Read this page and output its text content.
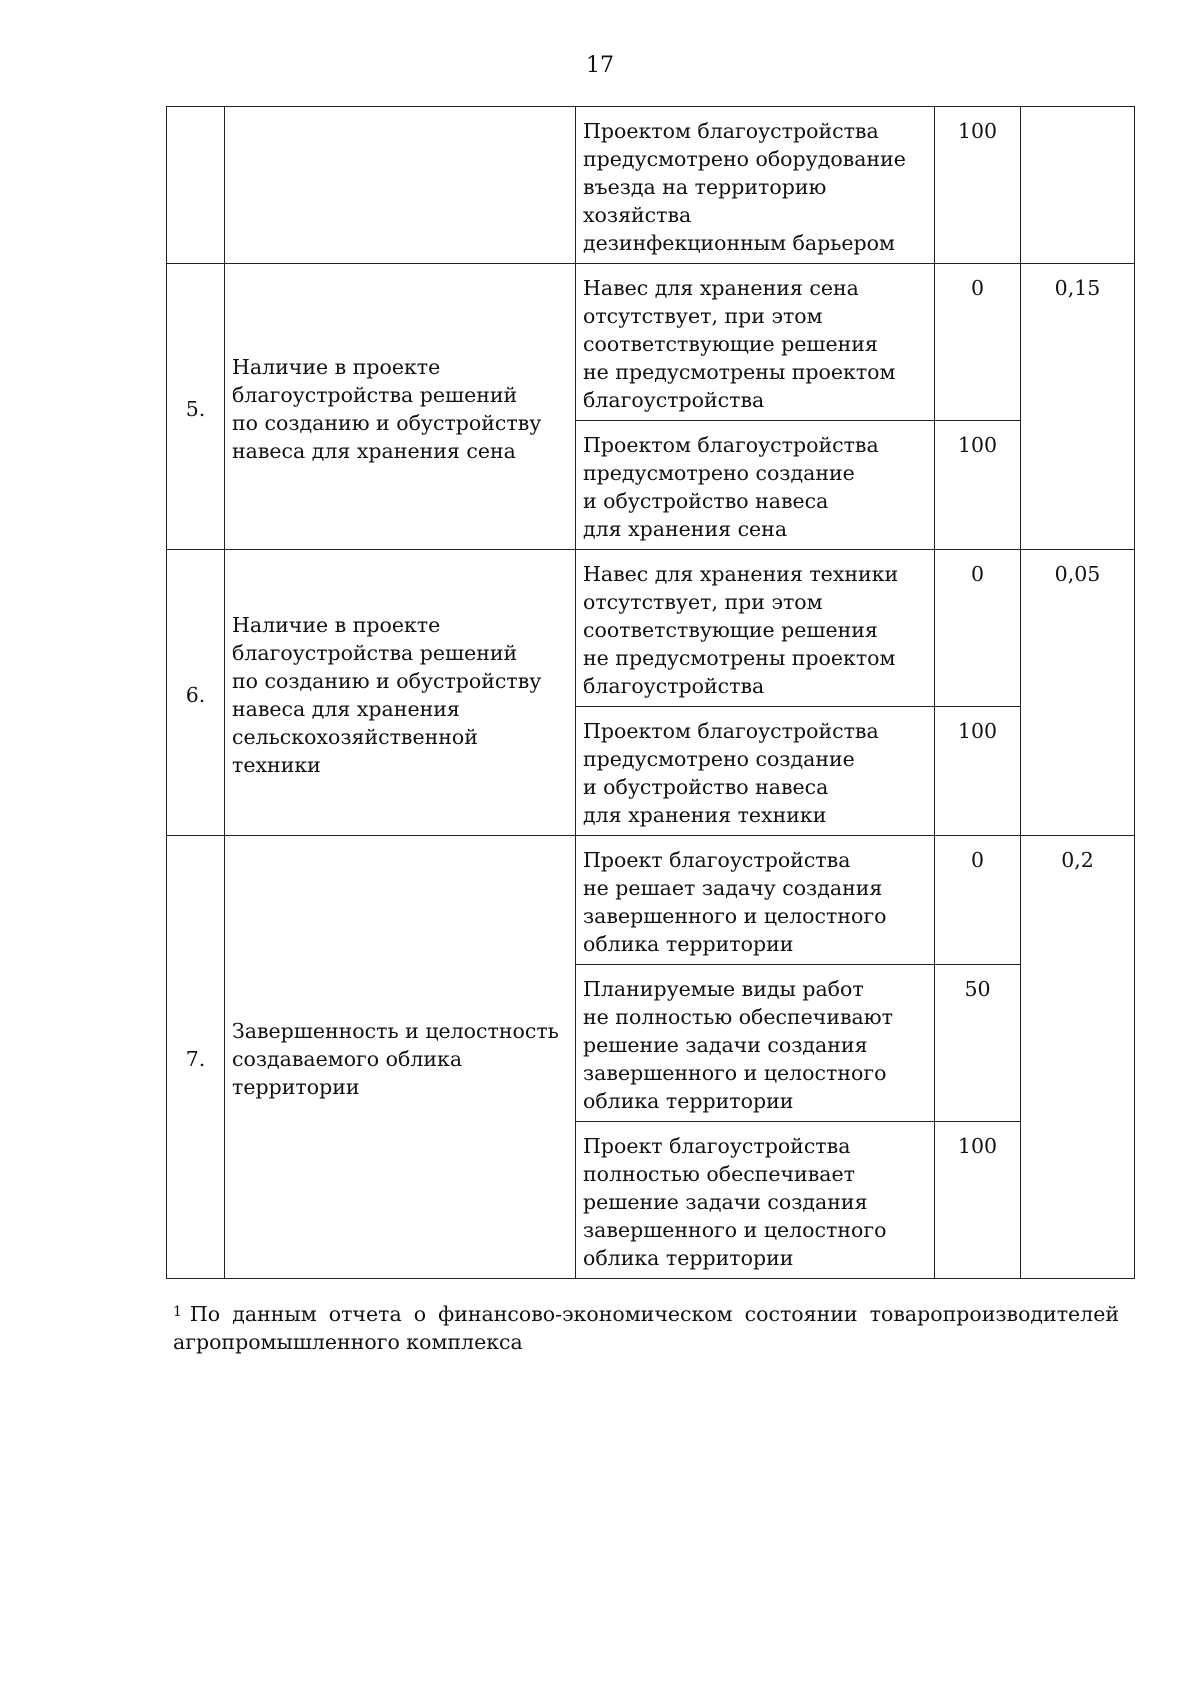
17

		Проектом благоустройства
предусмотрено оборудование
въезда на территорию хозяйства
дезинфекционным барьером	100	
5.	Наличие в проекте
благоустройства решений
по созданию и обустройству
навеса для хранения сена	Навес для хранения сена
отсутствует, при этом
соответствующие решения
не предусмотрены проектом
благоустройства	0	0,15

		Проектом благоустройства
предусмотрено создание
и обустройство навеса
для хранения сена	100	
6.	Наличие в проекте
благоустройства решений
по созданию и обустройству
навеса для хранения
сельскохозяйственной техники	Навес для хранения техники
отсутствует, при этом
соответствующие решения
не предусмотрены проектом
благоустройства	0	0,05

		Проектом благоустройства
предусмотрено создание
и обустройство навеса
для хранения техники	100	
7.	Завершенность и целостность
создаваемого облика
территории	Проект благоустройства
не решает задачу создания
завершенного и целостного
облика территории	0	0,2

		Планируемые виды работ
не полностью обеспечивают
решение задачи создания
завершенного и целостного
облика территории	50	

		Проект благоустройства
полностью обеспечивает
решение задачи создания
завершенного и целостного
облика территории	100	
$^1$ По данным отчета о финансово-экономическом состоянии товаропроизводителей агропромышленного комплекса
